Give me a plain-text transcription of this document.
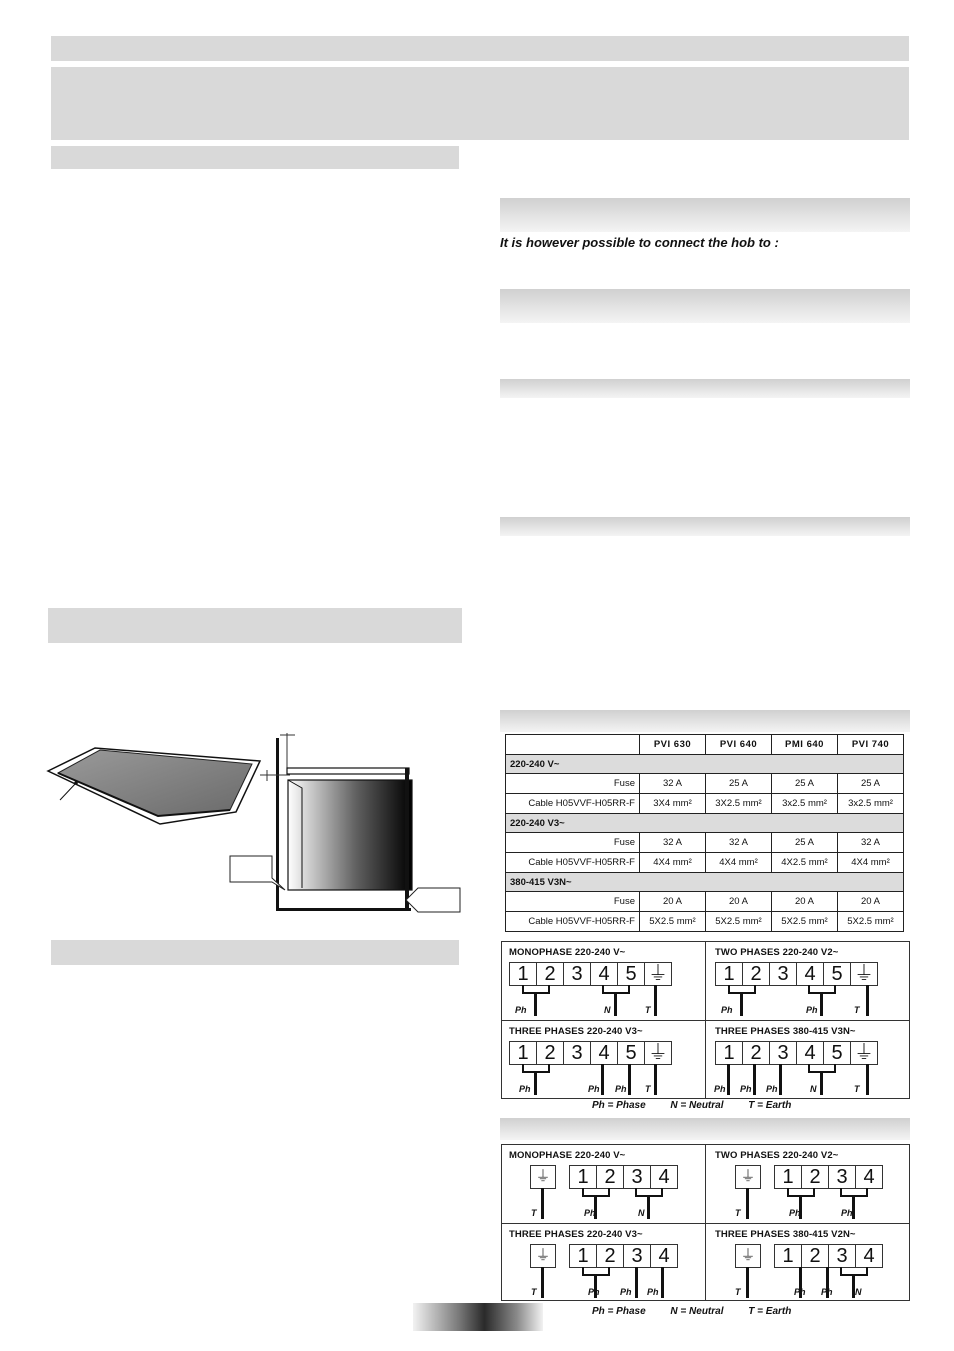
It is however possible to connect the hob to :
	PVI 630	PVI 640	PMI 640	PVI 740
220-240 V~				
Fuse	32 A	25 A	25 A	25 A
Cable H05VVF-H05RR-F	3X4 mm²	3X2.5 mm²	3x2.5 mm²	3x2.5 mm²
220-240 V3~				
Fuse	32 A	32 A	25 A	32 A
Cable H05VVF-H05RR-F	4X4 mm²	4X4 mm²	4X2.5 mm²	4X4 mm²
380-415 V3N~				
Fuse	20 A	20 A	20 A	20 A
Cable H05VVF-H05RR-F	5X2.5 mm²	5X2.5 mm²	5X2.5 mm²	5X2.5 mm²
MONOPHASE 220-240 V~
1 2 3 4 5 ⏚
Ph	N	T
TWO PHASES 220-240 V2~
1 2 3 4 5 ⏚
Ph	Ph	T
THREE PHASES 220-240 V3~
1 2 3 4 5 ⏚
Ph	Ph Ph T
THREE PHASES 380-415 V3N~
1 2 3 4 5 ⏚
Ph Ph Ph	N	T
Ph = Phase N = Neutral T = Earth
MONOPHASE 220-240 V~
⏚
T
1 2 3 4
Ph	N
TWO PHASES 220-240 V2~
⏚
T
1 2 3 4
Ph	Ph
THREE PHASES 220-240 V3~
⏚
T
1 2 3 4
Ph Ph Ph
THREE PHASES 380-415 V2N~
⏚
T
1 2 3 4
Ph Ph N
Ph = Phase N = Neutral T = Earth
